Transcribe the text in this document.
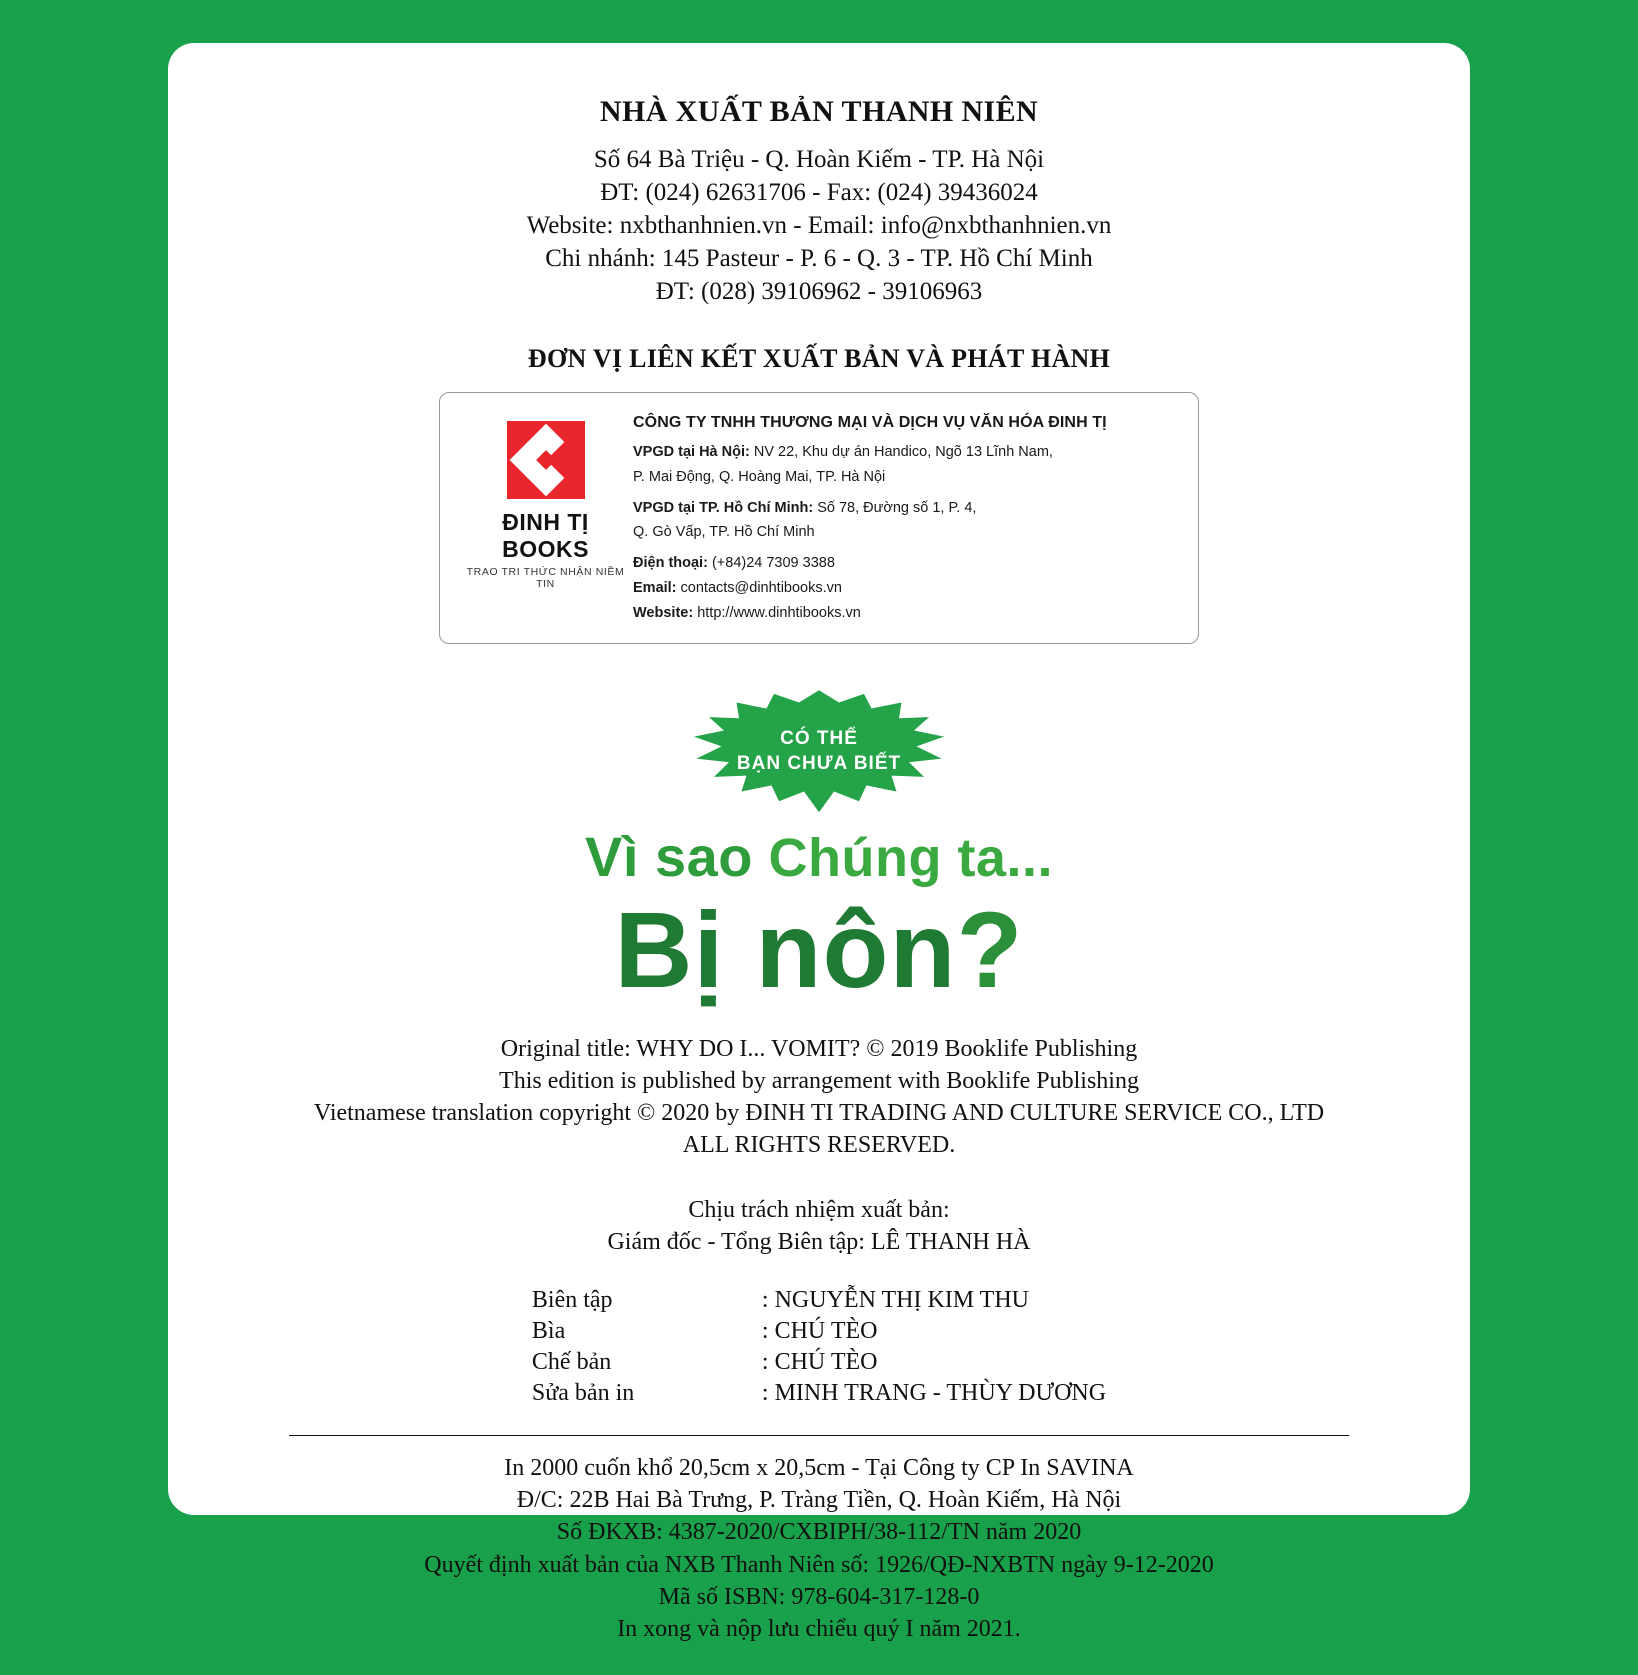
NHÀ XUẤT BẢN THANH NIÊN
Số 64 Bà Triệu - Q. Hoàn Kiếm - TP. Hà Nội
ĐT: (024) 62631706 - Fax: (024) 39436024
Website: nxbthanhnien.vn - Email: info@nxbthanhnien.vn
Chi nhánh: 145 Pasteur - P. 6 - Q. 3 - TP. Hồ Chí Minh
ĐT: (028) 39106962 - 39106963
ĐƠN VỊ LIÊN KẾT XUẤT BẢN VÀ PHÁT HÀNH
ĐINH TỊ BOOKS
TRAO TRI THỨC NHẬN NIỀM TIN
CÔNG TY TNHH THƯƠNG MẠI VÀ DỊCH VỤ VĂN HÓA ĐINH TỊ
VPGD tại Hà Nội: NV 22, Khu dự án Handico, Ngõ 13 Lĩnh Nam,
P. Mai Động, Q. Hoàng Mai, TP. Hà Nội
VPGD tại TP. Hồ Chí Minh: Số 78, Đường số 1, P. 4,
Q. Gò Vấp, TP. Hồ Chí Minh
Điện thoại: (+84)24 7309 3388
Email: contacts@dinhtibooks.vn
Website: http://www.dinhtibooks.vn
CÓ THỂ
BẠN CHƯA BIẾT
Vì sao Chúng ta...
Bị nôn?
Original title: WHY DO I... VOMIT? © 2019 Booklife Publishing
This edition is published by arrangement with Booklife Publishing
Vietnamese translation copyright © 2020 by ĐINH TI TRADING AND CULTURE SERVICE CO., LTD
ALL RIGHTS RESERVED.
Chịu trách nhiệm xuất bản:
Giám đốc - Tổng Biên tập: LÊ THANH HÀ
Biên tập	: NGUYỄN THỊ KIM THU
Bìa	: CHÚ TÈO
Chế bản	: CHÚ TÈO
Sửa bản in	: MINH TRANG - THÙY DƯƠNG
In 2000 cuốn khổ 20,5cm x 20,5cm - Tại Công ty CP In SAVINA
Đ/C: 22B Hai Bà Trưng, P. Tràng Tiền, Q. Hoàn Kiếm, Hà Nội
Số ĐKXB: 4387-2020/CXBIPH/38-112/TN năm 2020
Quyết định xuất bản của NXB Thanh Niên số: 1926/QĐ-NXBTN ngày 9-12-2020
Mã số ISBN: 978-604-317-128-0
In xong và nộp lưu chiểu quý I năm 2021.
